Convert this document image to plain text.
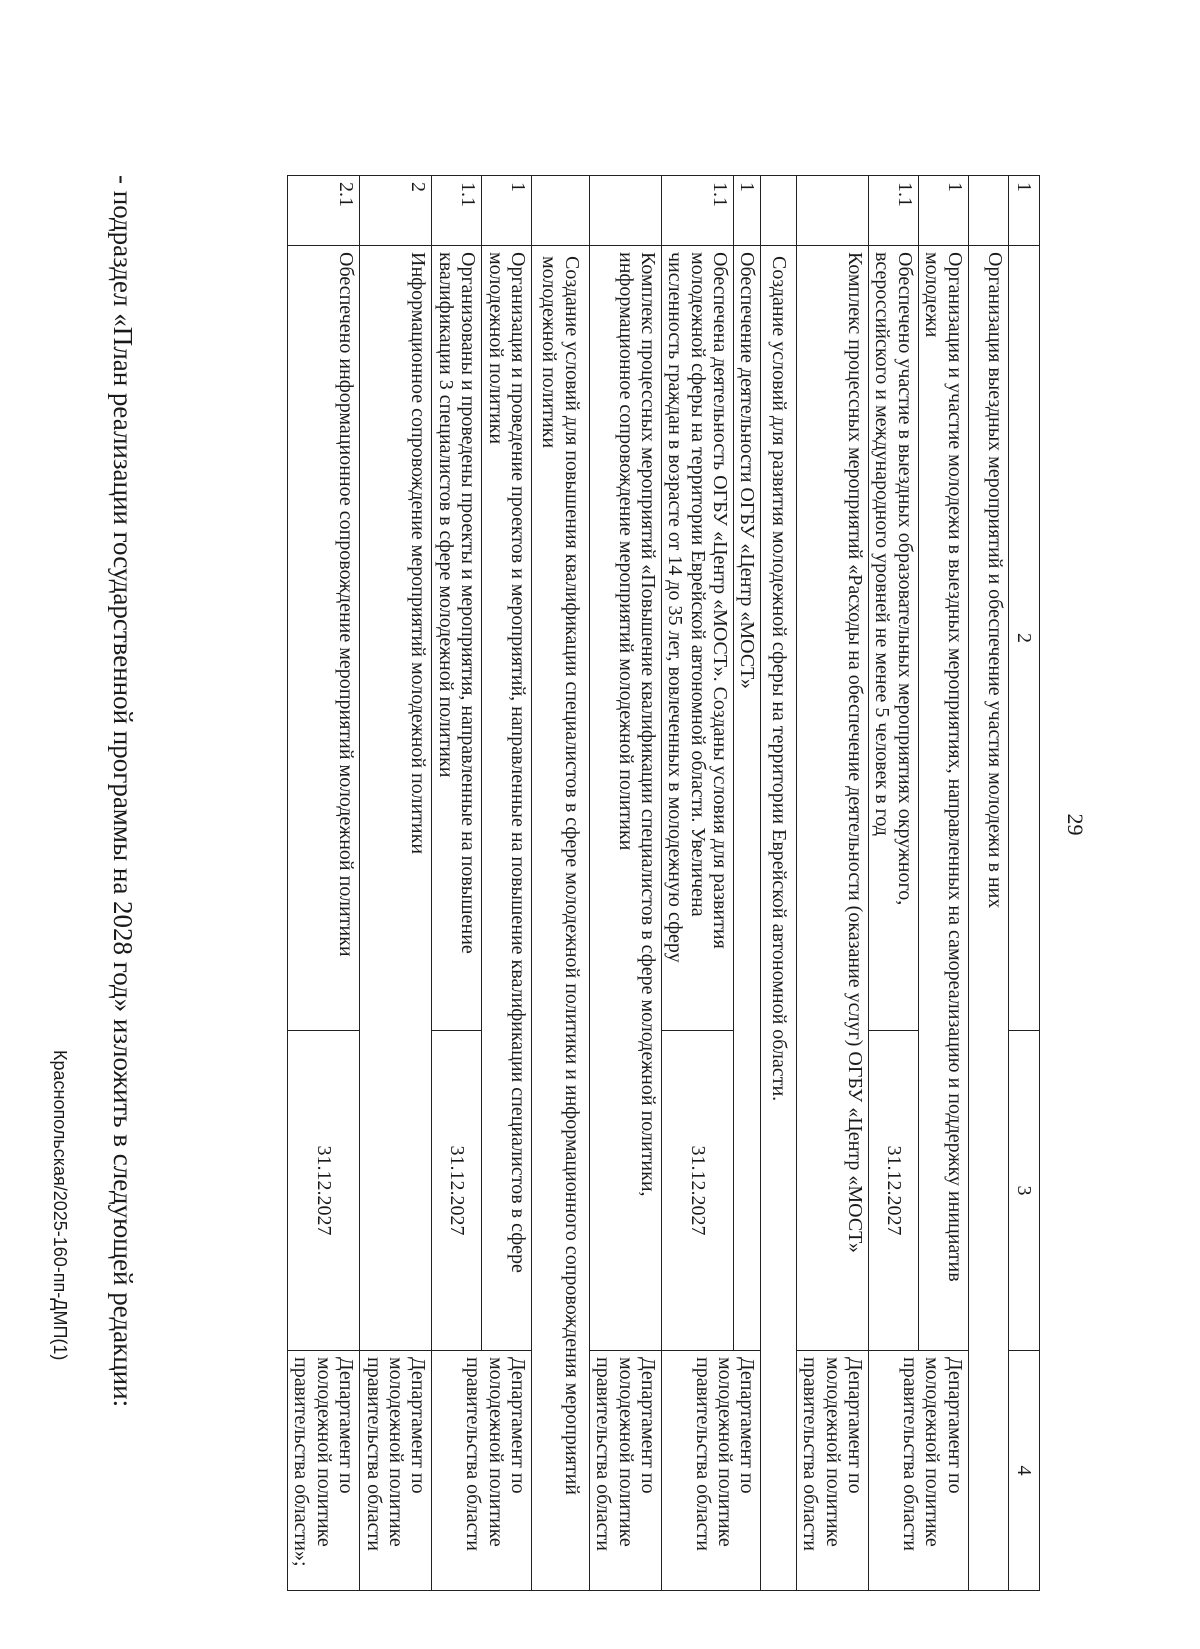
29
1	2	3	4
	Организация выездных мероприятий и обеспечение участия молодежи в них		
1	Организация и участие молодежи в выездных мероприятиях, направленных на самореализацию и поддержку инициатив молодежи		Департамент по молодежной политике правительства области
1.1	Обеспечено участие в выездных образовательных мероприятиях окружного, всероссийского и международного уровней не менее 5 человек в год	31.12.2027	
	Комплекс процессных мероприятий «Расходы на обеспечение деятельности (оказание услуг) ОГБУ «Центр «МОСТ»		Департамент по молодежной политике правительства области
	Создание условий для развития молодежной сферы на территории Еврейской автономной области.		
1	Обеспечение деятельности ОГБУ «Центр «МОСТ»		Департамент по молодежной политике правительства области
1.1	Обеспечена деятельность ОГБУ «Центр «МОСТ». Созданы условия для развития молодежной сферы на территории Еврейской автономной области. Увеличена численность граждан в возрасте от 14 до 35 лет, вовлеченных в молодежную сферу	31.12.2027	
	Комплекс процессных мероприятий «Повышение квалификации специалистов в сфере молодежной политики, информационное сопровождение мероприятий молодежной политики		Департамент по молодежной политике правительства области
	Создание условий для повышения квалификации специалистов в сфере молодежной политики и информационного сопровождения мероприятий молодежной политики		
1	Организация и проведение проектов и мероприятий, направленные на повышение квалификации специалистов в сфере молодежной политики		Департамент по молодежной политике правительства области
1.1	Организованы и проведены проекты и мероприятия, направленные на повышение квалификации 3 специалистов в сфере молодежной политики	31.12.2027	
2	Информационное сопровождение мероприятий молодежной политики		Департамент по молодежной политике правительства области
2.1	Обеспечено информационное сопровождение мероприятий молодежной политики	31.12.2027	Департамент по молодежной политике правительства области»;
- подраздел «План реализации государственной программы на 2028 год» изложить в следующей редакции:
Краснопольская/2025-160-пп-ДМП(1)
